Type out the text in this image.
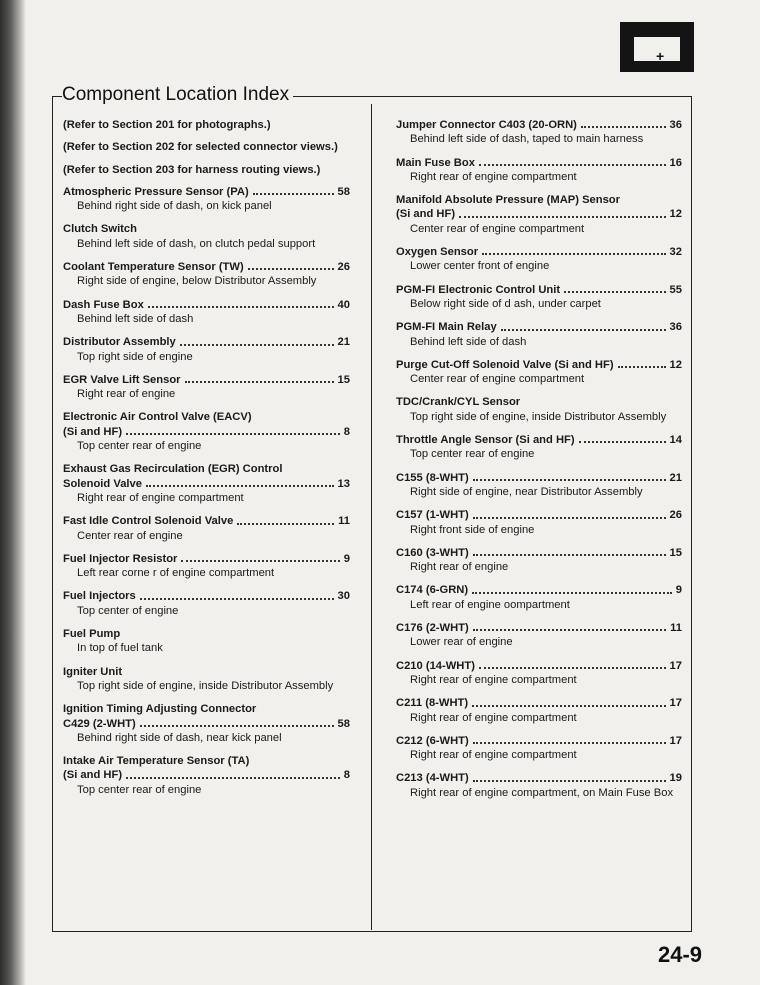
+ −
Component Location Index
(Refer to Section 201 for photographs.)
(Refer to Section 202 for selected connector views.)
(Refer to Section 203 for harness routing views.)
Atmospheric Pressure Sensor (PA)	58
Behind right side of dash, on kick panel
Clutch Switch
Behind left side of dash, on clutch pedal support
Coolant Temperature Sensor (TW)	26
Right side of engine, below Distributor Assembly
Dash Fuse Box	40
Behind left side of dash
Distributor Assembly	21
Top right side of engine
EGR Valve Lift Sensor	15
Right rear of engine
Electronic Air Control Valve (EACV)
(Si and HF)	8
Top center rear of engine
Exhaust Gas Recirculation (EGR) Control
Solenoid Valve	13
Right rear of engine compartment
Fast Idle Control Solenoid Valve	11
Center rear of engine
Fuel Injector Resistor	9
Left rear corne r of engine compartment
Fuel Injectors	30
Top center of engine
Fuel Pump
In top of fuel tank
Igniter Unit
Top right side of engine, inside Distributor Assembly
Ignition Timing Adjusting Connector
C429 (2-WHT)	58
Behind right side of dash, near kick panel
Intake Air Temperature Sensor (TA)
(Si and HF)	8
Top center rear of engine
Jumper Connector C403 (20-ORN)	36
Behind left side of dash, taped to main harness
Main Fuse Box	16
Right rear of engine compartment
Manifold Absolute Pressure (MAP) Sensor
(Si and HF)	12
Center rear of engine compartment
Oxygen Sensor	32
Lower center front of engine
PGM-FI Electronic Control Unit	55
Below right side of d ash, under carpet
PGM-FI Main Relay	36
Behind left side of dash
Purge Cut-Off Solenoid Valve (Si and HF)	12
Center rear of engine compartment
TDC/Crank/CYL Sensor
Top right side of engine, inside Distributor Assembly
Throttle Angle Sensor (Si and HF)	14
Top center rear of engine
C155 (8-WHT)	21
Right side of engine, near Distributor Assembly
C157 (1-WHT)	26
Right front side of engine
C160 (3-WHT)	15
Right rear of engine
C174 (6-GRN)	9
Left rear of engine oompartment
C176 (2-WHT)	11
Lower rear of engine
C210 (14-WHT)	17
Right rear of engine compartment
C211 (8-WHT)	17
Right rear of engine compartment
C212 (6-WHT)	17
Right rear of engine compartment
C213 (4-WHT)	19
Right rear of engine compartment, on Main Fuse Box
24-9
